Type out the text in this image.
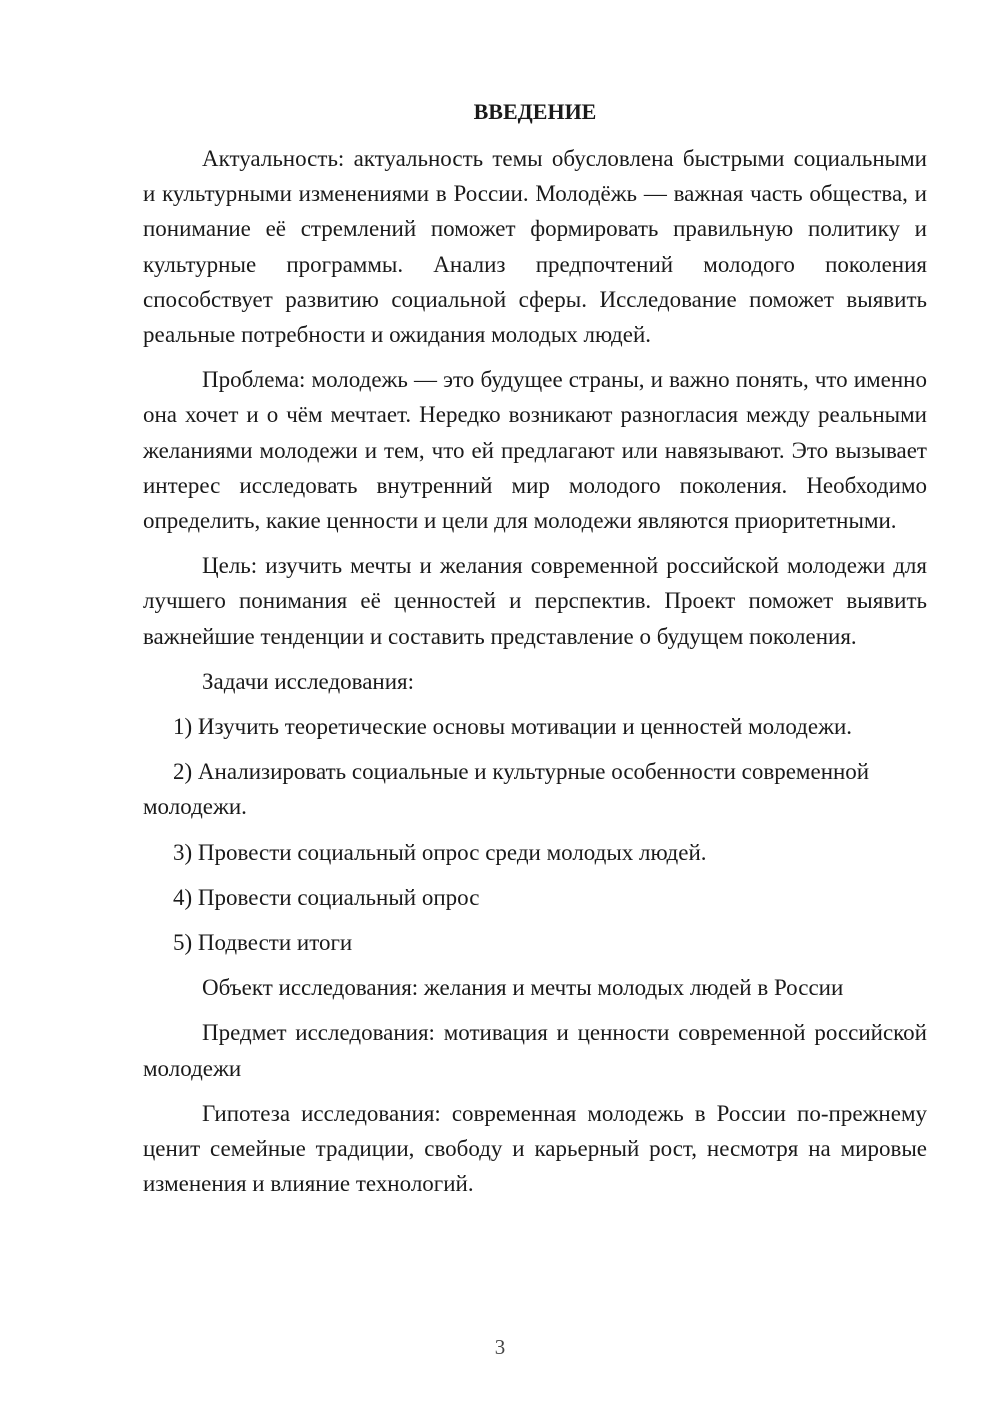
ВВЕДЕНИЕ

Актуальность: актуальность темы обусловлена быстрыми социальными и культурными изменениями в России. Молодёжь — важная часть общества, и понимание её стремлений поможет формировать правильную политику и культурные программы. Анализ предпочтений молодого поколения способствует развитию социальной сферы. Исследование поможет выявить реальные потребности и ожидания молодых людей.

Проблема: молодежь — это будущее страны, и важно понять, что именно она хочет и о чём мечтает. Нередко возникают разногласия между реальными желаниями молодежи и тем, что ей предлагают или навязывают. Это вызывает интерес исследовать внутренний мир молодого поколения. Необходимо определить, какие ценности и цели для молодежи являются приоритетными.

Цель: изучить мечты и желания современной российской молодежи для лучшего понимания её ценностей и перспектив. Проект поможет выявить важнейшие тенденции и составить представление о будущем поколения.

Задачи исследования:

1) Изучить теоретические основы мотивации и ценностей молодежи.

2) Анализировать социальные и культурные особенности современной молодежи.

3) Провести социальный опрос среди молодых людей.

4) Провести социальный опрос

5) Подвести итоги

Объект исследования: желания и мечты молодых людей в России

Предмет исследования: мотивация и ценности современной российской молодежи

Гипотеза исследования: современная молодежь в России по-прежнему ценит семейные традиции, свободу и карьерный рост, несмотря на мировые изменения и влияние технологий.

3
